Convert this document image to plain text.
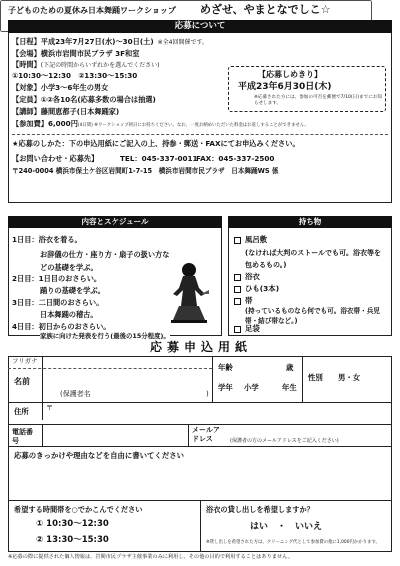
子どものための夏休み日本舞踊ワークショップ めざせ、やまとなでしこ☆
応募について
【日程】平成23年7月27日(水)～30日(土) ※全4回開催です。
【会場】横浜市岩間市民プラザ 3F和室
【時間】(下記の時間からいずれかを選んでください)
①10:30～12:30　②13:30～15:30
【対象】小学3～6年生の男女
【定員】①②各10名(応募多数の場合は抽選)
【講師】藤間恵都子(日本舞踊家)
【参加費】6,000円(4日間) ※ワークショップ初日にお持ちください。なお、一度お納めいただいた料金はお返しすることができません。
【応募しめきり】
平成23年6月30日(木)
※応募された方には、参加の可否を郵便で7/10(日)までにお知らせします。
★応募のしかた：下の申込用紙にご記入の上、持参・郵送・FAXにてお申込みください。
【お問い合わせ・応募先】	TEL：045-337-0011
FAX：045-337-2500
〒240-0004 横浜市保土ケ谷区岩間町1-7-15　横浜市岩間市民プラザ　日本舞踊WS 係
内容とスケジュール
1日目：浴衣を着る。
お辞儀の仕方・座り方・扇子の扱い方などの基礎を学ぶ。
2日目：1日目のおさらい。
踊りの基礎を学ぶ。
3日目：二日間のおさらい。
日本舞踊の稽古。
4日目：初日からのおさらい。
家族に向けた発表を行う(最後の15分程度)。
持ち物
風呂敷
(なければ大判のストールでも可。浴衣等を包めるもの。)
浴衣
ひも(3本)
帯
(持っているものなら何でも可。浴衣帯・兵児帯・結び帯など。)
足袋
応募申込用紙
フリガナ
名前
(保護者名	)
年齢	歳
学年 小学	年生
性別 男・女
住所 〒
電話番号
メールアドレス	(保護者の方のメールアドレスをご記入ください)
応募のきっかけや理由などを自由に書いてください
希望する時間帯を○でかこんでください
① 10:30～12:30
② 13:30～15:30
浴衣の貸し出しを希望しますか？
はい　・　いいえ
※貸し出しを希望された方は、クリーニング代として参加費の他に1,000円かかります。
※応募の際に提供された個人情報は、岩間市民プラザ主催事業のみに利用し、その他の目的で利用することはありません。
